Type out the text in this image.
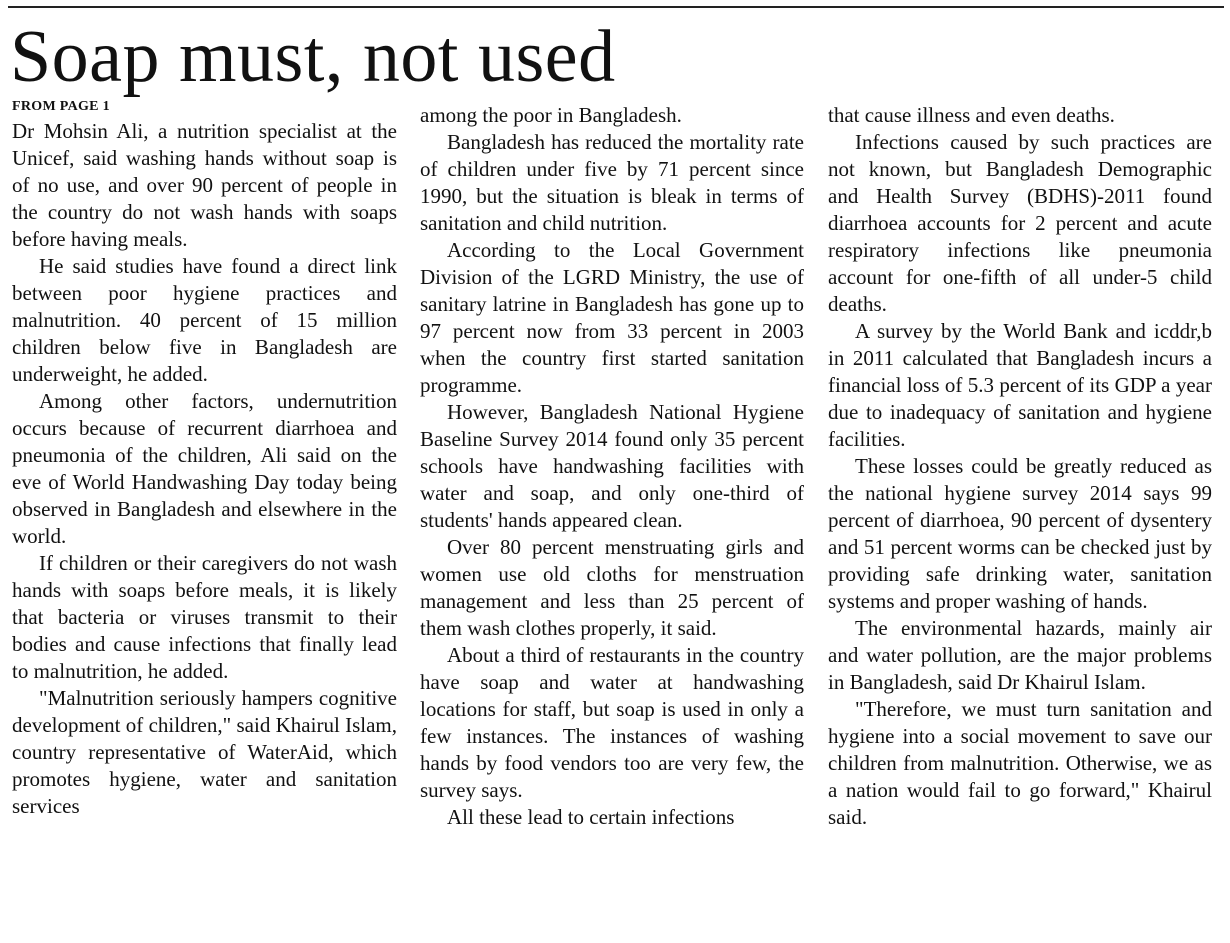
Soap must, not used
FROM PAGE 1

Dr Mohsin Ali, a nutrition specialist at the Unicef, said washing hands without soap is of no use, and over 90 percent of people in the country do not wash hands with soaps before having meals.

He said studies have found a direct link between poor hygiene practices and malnutrition. 40 percent of 15 million children below five in Bangladesh are underweight, he added.

Among other factors, undernutrition occurs because of recurrent diarrhoea and pneumonia of the children, Ali said on the eve of World Handwashing Day today being observed in Bangladesh and elsewhere in the world.

If children or their caregivers do not wash hands with soaps before meals, it is likely that bacteria or viruses transmit to their bodies and cause infections that finally lead to malnutrition, he added.

"Malnutrition seriously hampers cognitive development of children," said Khairul Islam, country representative of WaterAid, which promotes hygiene, water and sanitation services

among the poor in Bangladesh.

Bangladesh has reduced the mortality rate of children under five by 71 percent since 1990, but the situation is bleak in terms of sanitation and child nutrition.

According to the Local Government Division of the LGRD Ministry, the use of sanitary latrine in Bangladesh has gone up to 97 percent now from 33 percent in 2003 when the country first started sanitation programme.

However, Bangladesh National Hygiene Baseline Survey 2014 found only 35 percent schools have handwashing facilities with water and soap, and only one-third of students' hands appeared clean.

Over 80 percent menstruating girls and women use old cloths for menstruation management and less than 25 percent of them wash clothes properly, it said.

About a third of restaurants in the country have soap and water at handwashing locations for staff, but soap is used in only a few instances. The instances of washing hands by food vendors too are very few, the survey says.

All these lead to certain infections

that cause illness and even deaths.

Infections caused by such practices are not known, but Bangladesh Demographic and Health Survey (BDHS)-2011 found diarrhoea accounts for 2 percent and acute respiratory infections like pneumonia account for one-fifth of all under-5 child deaths.

A survey by the World Bank and icddr,b in 2011 calculated that Bangladesh incurs a financial loss of 5.3 percent of its GDP a year due to inadequacy of sanitation and hygiene facilities.

These losses could be greatly reduced as the national hygiene survey 2014 says 99 percent of diarrhoea, 90 percent of dysentery and 51 percent worms can be checked just by providing safe drinking water, sanitation systems and proper washing of hands.

The environmental hazards, mainly air and water pollution, are the major problems in Bangladesh, said Dr Khairul Islam.

"Therefore, we must turn sanitation and hygiene into a social movement to save our children from malnutrition. Otherwise, we as a nation would fail to go forward," Khairul said.
